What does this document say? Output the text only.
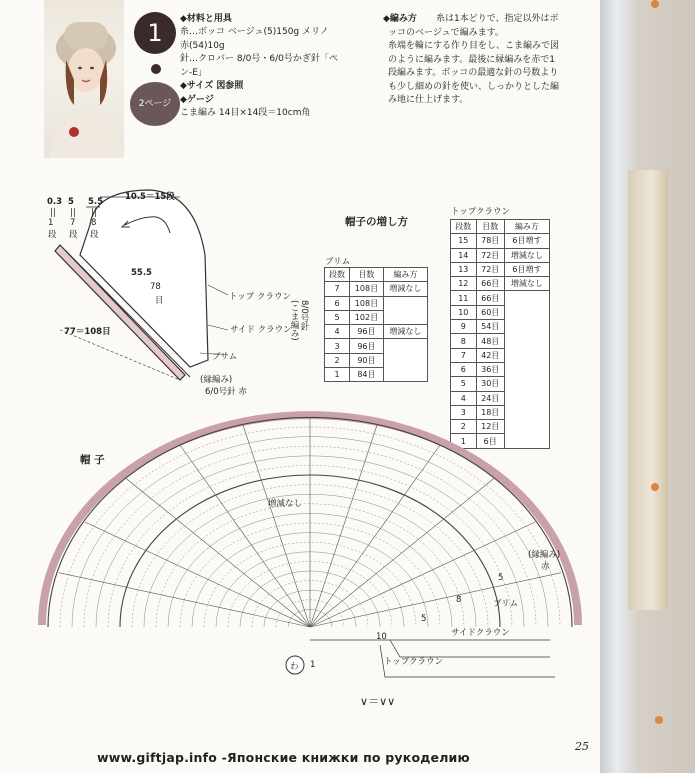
1
2ページ
◆材料と用具
糸…ボッコ ベージュ(5)150g メリノ
赤(54)10g
針…クロバー 8/0号・6/0号かぎ針「ペ
ン-E」
◆サイズ 図参照
◆ゲージ
こま編み 14目×14段＝10cm角
◆編み方 糸は1本どりで、指定以外はボ
ッコのベージュで編みます。
糸端を輪にする作り目をし、こま編みで図
のように編みます。最後に縁編みを赤で1
段編みます。ボッコの最適な針の号数より
も少し細めの針を使い、しっかりとした編
み地に仕上げます。
0.3 5 5.5	10.5＝15段
55.5
78
目
77＝108目
||
1
段
||
7
段
||
8
段
トップ クラウン
サイド クラウン
ブリム
(縁編み)
6/0号針 赤
(こま編み) 8/0号針
帽子の増し方
ブリム
段数	目数	編み方
7	108目	増減なし
6	108目	
5	102目	
4	96目	増減なし
3	96目	
2	90目	
1	84目	
トップクラウン
段数	目数	編み方
15	78目	6目増す
14	72目	増減なし
13	72目	6目増す
12	66目	増減なし
11	66目	
10	60目	
9	54目	
8	48目	
7	42目	
6	36目	
5	30目	
4	24目	
3	18目	
2	12目	
1	6目	
帽 子
増減なし
(縁編み)
赤
ブリム
サイドクラウン
トップクラウン
わ
5
8
5
10
1
∨＝∨∨
www.giftjap.info -Японские книжки по рукоделию
25
